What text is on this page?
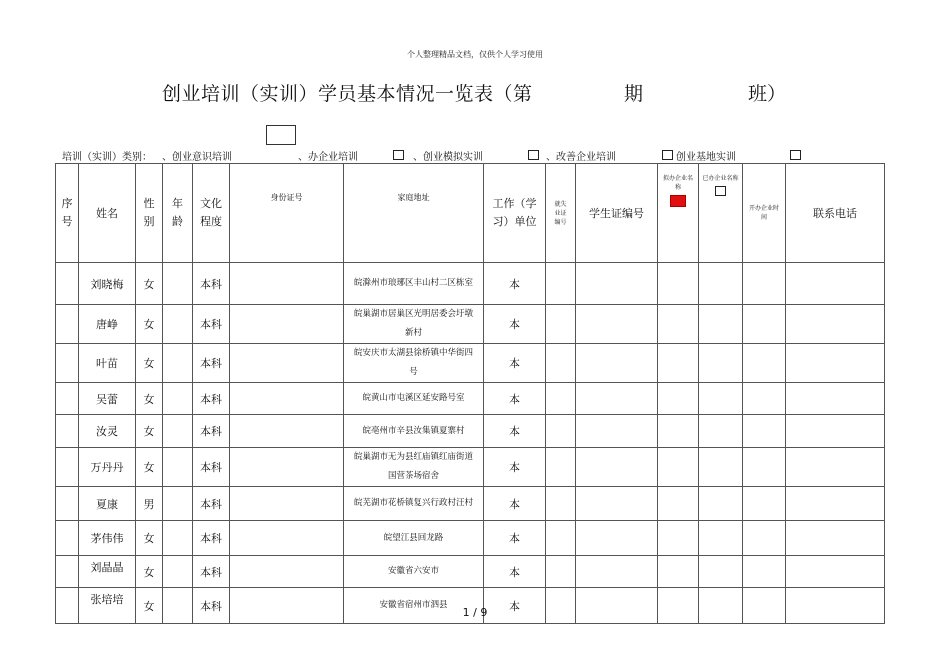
个人整理精品文档，仅供个人学习使用
创业培训（实训）学员基本情况一览表（第	期	班）
培训（实训）类别： 、创业意识培训	、办企业培训	、创业模拟实训	、改善企业培训	创业基地实训
序号	姓名	性别	年龄	文化程度	身份证号	家庭地址	工作（学习）单位	就失业证编号	学生证编号	拟办企业名称	已办企业名称	开办企业时间	联系电话
	刘晓梅	女		本科		皖滁州市琅琊区丰山村二区栋室	本						
	唐峥	女		本科		皖巢湖市居巢区光明居委会圩墩新村	本						
	叶苗	女		本科		皖安庆市太湖县徐桥镇中华街四号	本						
	吴蕾	女		本科		皖黄山市屯溪区延安路号室	本						
	汝灵	女		本科		皖亳州市辛县汝集镇夏寨村	本						
	万丹丹	女		本科		皖巢湖市无为县红庙镇红庙街道国营茶场宿舍	本						
	夏康	男		本科		皖芜湖市花桥镇复兴行政村汪村	本						
	茅伟伟	女		本科		皖望江县回龙路	本						
	刘晶晶	女		本科		安徽省六安市	本						
	张培培	女		本科		安徽省宿州市泗县	本						
1 / 9
